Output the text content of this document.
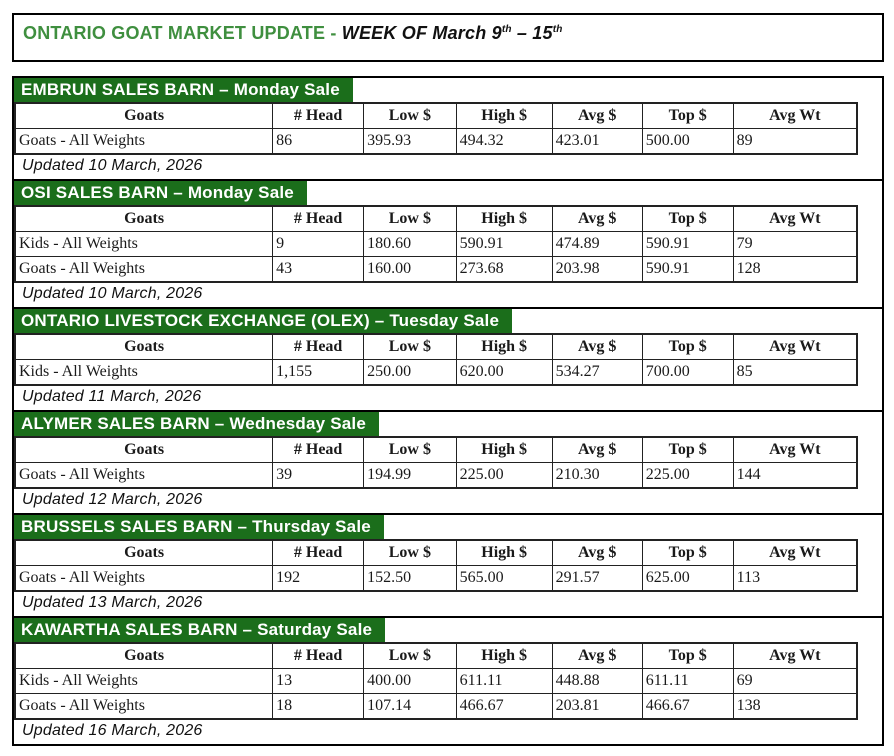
ONTARIO GOAT MARKET UPDATE - WEEK OF March 9th – 15th
EMBRUN SALES BARN – Monday Sale
Goats	# Head	Low $	High $	Avg $	Top $	Avg Wt
Goats - All Weights	86	395.93	494.32	423.01	500.00	89
Updated 10 March, 2026
OSI SALES BARN – Monday Sale
Goats	# Head	Low $	High $	Avg $	Top $	Avg Wt
Kids - All Weights	9	180.60	590.91	474.89	590.91	79
Goats - All Weights	43	160.00	273.68	203.98	590.91	128
Updated 10 March, 2026
ONTARIO LIVESTOCK EXCHANGE (OLEX) – Tuesday Sale
Goats	# Head	Low $	High $	Avg $	Top $	Avg Wt
Kids - All Weights	1,155	250.00	620.00	534.27	700.00	85
Updated 11 March, 2026
ALYMER SALES BARN – Wednesday Sale
Goats	# Head	Low $	High $	Avg $	Top $	Avg Wt
Goats - All Weights	39	194.99	225.00	210.30	225.00	144
Updated 12 March, 2026
BRUSSELS SALES BARN – Thursday Sale
Goats	# Head	Low $	High $	Avg $	Top $	Avg Wt
Goats - All Weights	192	152.50	565.00	291.57	625.00	113
Updated 13 March, 2026
KAWARTHA SALES BARN – Saturday Sale
Goats	# Head	Low $	High $	Avg $	Top $	Avg Wt
Kids - All Weights	13	400.00	611.11	448.88	611.11	69
Goats - All Weights	18	107.14	466.67	203.81	466.67	138
Updated 16 March, 2026
